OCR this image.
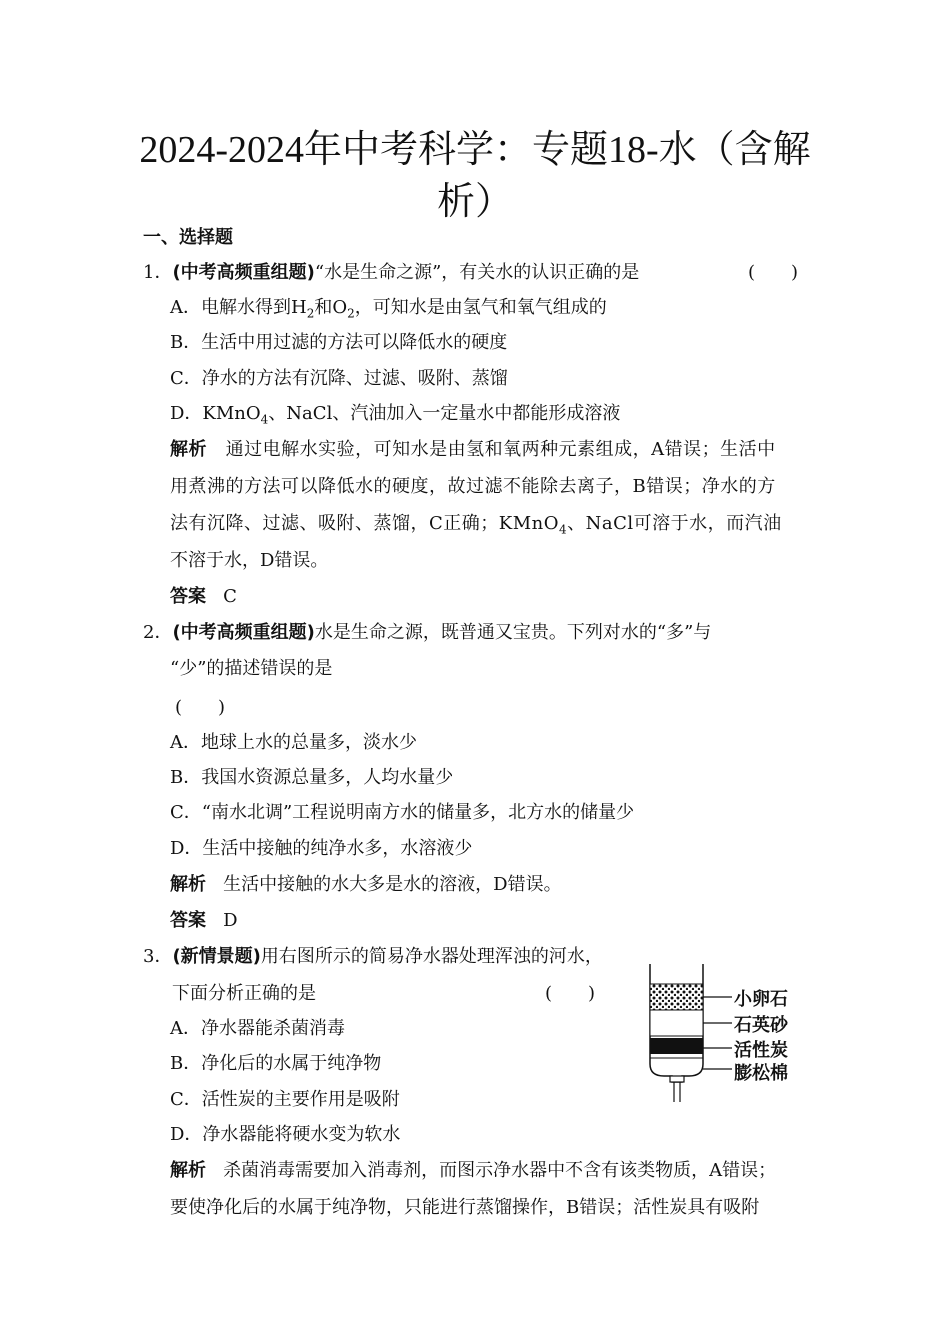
2024-2024年中考科学：专题18-水（含解
析）
一、选择题
1．(中考高频重组题)“水是生命之源”，有关水的认识正确的是	(　　)
A．电解水得到$H_2$和$O_2$，可知水是由氢气和氧气组成的
B．生活中用过滤的方法可以降低水的硬度
C．净水的方法有沉降、过滤、吸附、蒸馏
D．KMnO$_4$、NaCl、汽油加入一定量水中都能形成溶液
解析 通过电解水实验，可知水是由氢和氧两种元素组成，A错误；生活中
用煮沸的方法可以降低水的硬度，故过滤不能除去离子，B错误；净水的方
法有沉降、过滤、吸附、蒸馏，C正确；KMnO$_4$、NaCl可溶于水，而汽油
不溶于水，D错误。
答案 C
2．(中考高频重组题)水是生命之源，既普通又宝贵。下列对水的“多”与
“少”的描述错误的是
(　　)
A．地球上水的总量多，淡水少
B．我国水资源总量多，人均水量少
C．“南水北调”工程说明南方水的储量多，北方水的储量少
D．生活中接触的纯净水多，水溶液少
解析 生活中接触的水大多是水的溶液，D错误。
答案 D
3．(新情景题)用右图所示的简易净水器处理浑浊的河水，
下面分析正确的是	(　　)
A．净水器能杀菌消毒
B．净化后的水属于纯净物
C．活性炭的主要作用是吸附
D．净水器能将硬水变为软水
解析 杀菌消毒需要加入消毒剂，而图示净水器中不含有该类物质，A错误；
要使净化后的水属于纯净物，只能进行蒸馏操作，B错误；活性炭具有吸附
小卵石
石英砂
活性炭
膨松棉
